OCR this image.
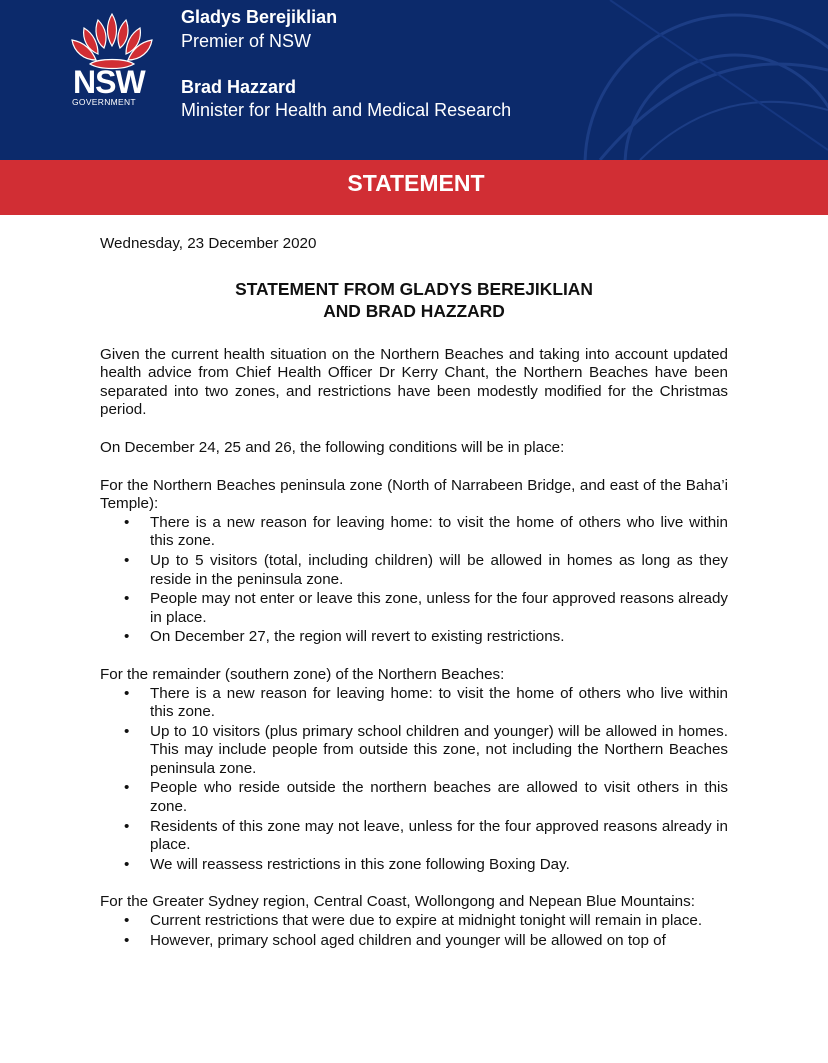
NSW
GOVERNMENT
Gladys Berejiklian
Premier of NSW
Brad Hazzard
Minister for Health and Medical Research
STATEMENT

Wednesday, 23 December 2020

STATEMENT FROM GLADYS BEREJIKLIAN
AND BRAD HAZZARD

Given the current health situation on the Northern Beaches and taking into account updated health advice from Chief Health Officer Dr Kerry Chant, the Northern Beaches have been separated into two zones, and restrictions have been modestly modified for the Christmas period.

On December 24, 25 and 26, the following conditions will be in place:

For the Northern Beaches peninsula zone (North of Narrabeen Bridge, and east of the Baha’i Temple):

• There is a new reason for leaving home: to visit the home of others who live within this zone.
• Up to 5 visitors (total, including children) will be allowed in homes as long as they reside in the peninsula zone.
• People may not enter or leave this zone, unless for the four approved reasons already in place.
• On December 27, the region will revert to existing restrictions.

For the remainder (southern zone) of the Northern Beaches:

• There is a new reason for leaving home: to visit the home of others who live within this zone.
• Up to 10 visitors (plus primary school children and younger) will be allowed in homes. This may include people from outside this zone, not including the Northern Beaches peninsula zone.
• People who reside outside the northern beaches are allowed to visit others in this zone.
• Residents of this zone may not leave, unless for the four approved reasons already in place.
• We will reassess restrictions in this zone following Boxing Day.

For the Greater Sydney region, Central Coast, Wollongong and Nepean Blue Mountains:

• Current restrictions that were due to expire at midnight tonight will remain in place.
• However, primary school aged children and younger will be allowed on top of
